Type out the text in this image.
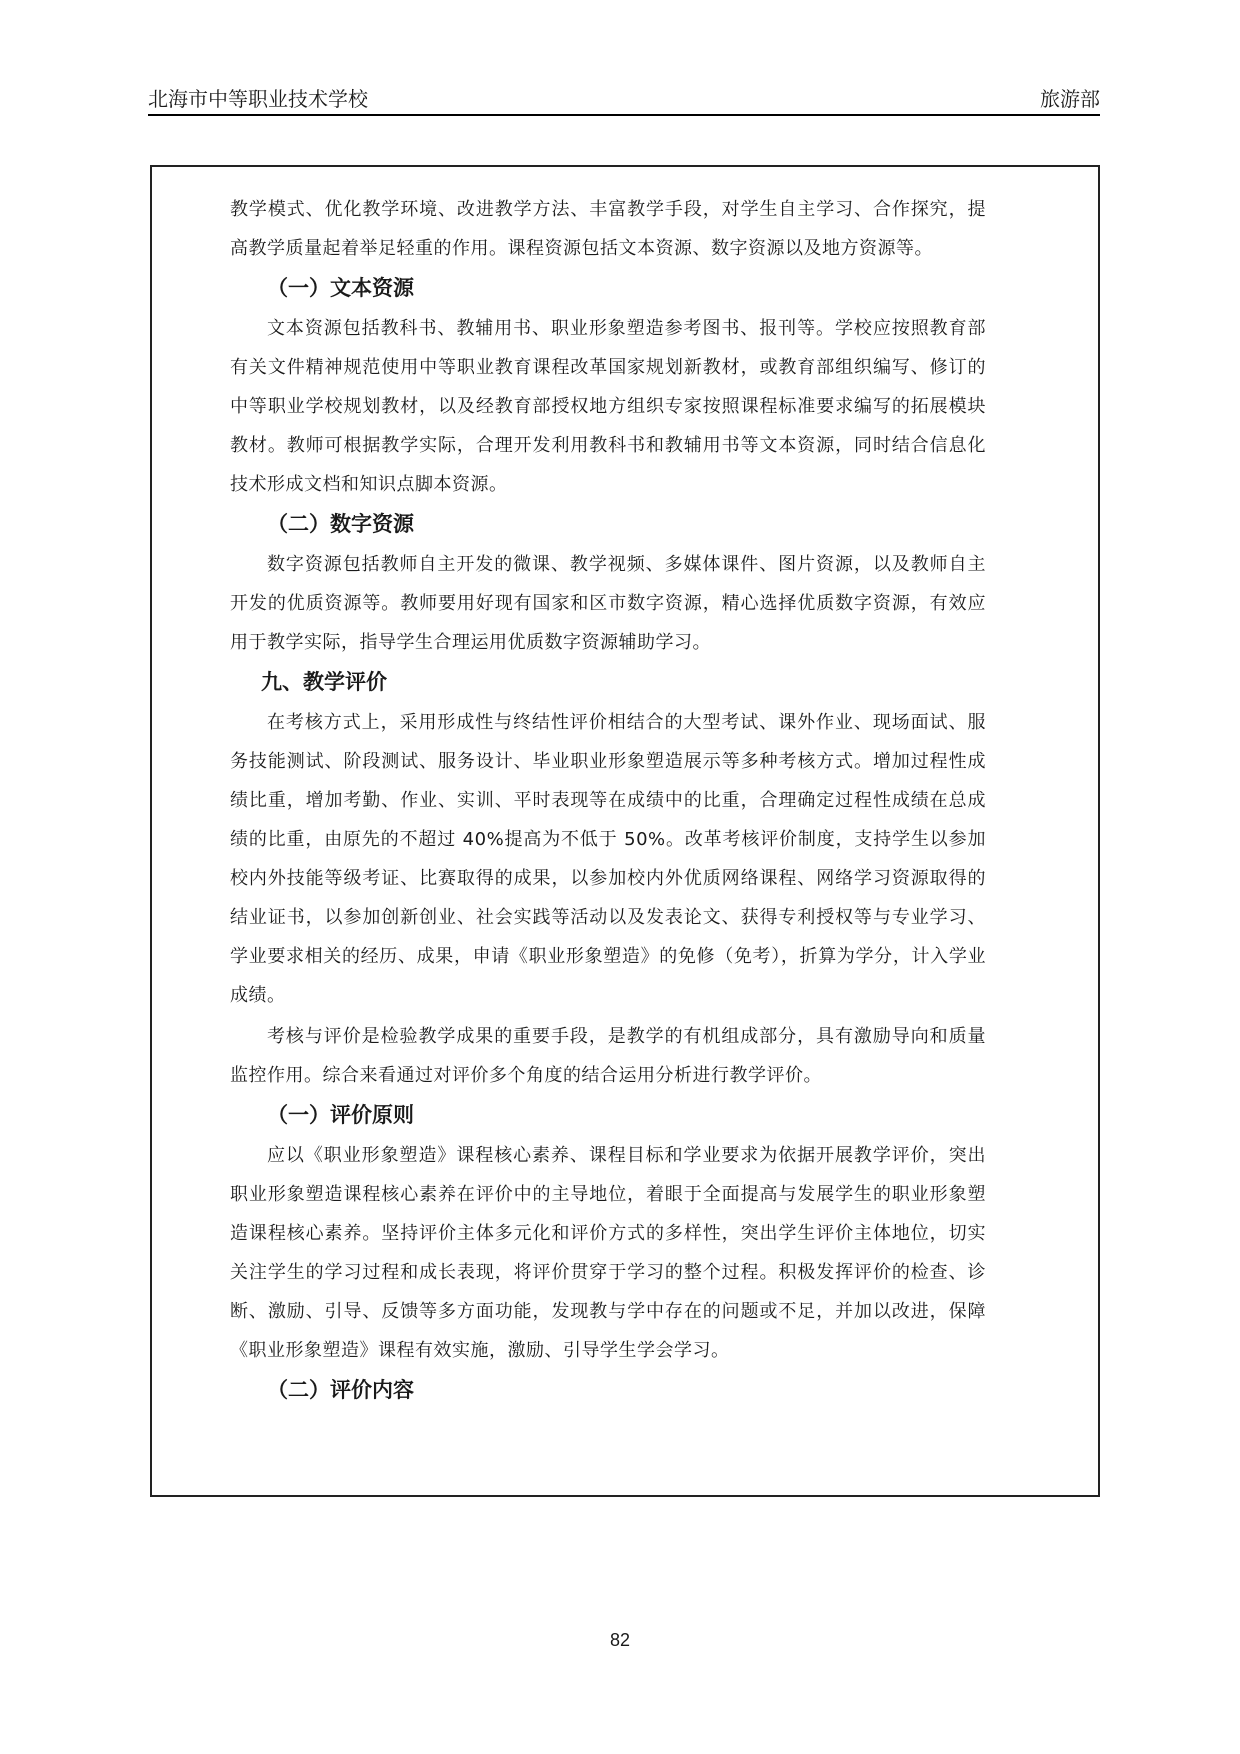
北海市中等职业技术学校	旅游部

教学模式、优化教学环境、改进教学方法、丰富教学手段，对学生自主学习、合作探究，提高教学质量起着举足轻重的作用。课程资源包括文本资源、数字资源以及地方资源等。

（一）文本资源

文本资源包括教科书、教辅用书、职业形象塑造参考图书、报刊等。学校应按照教育部有关文件精神规范使用中等职业教育课程改革国家规划新教材，或教育部组织编写、修订的中等职业学校规划教材，以及经教育部授权地方组织专家按照课程标准要求编写的拓展模块教材。教师可根据教学实际，合理开发利用教科书和教辅用书等文本资源，同时结合信息化技术形成文档和知识点脚本资源。

（二）数字资源

数字资源包括教师自主开发的微课、教学视频、多媒体课件、图片资源，以及教师自主开发的优质资源等。教师要用好现有国家和区市数字资源，精心选择优质数字资源，有效应用于教学实际，指导学生合理运用优质数字资源辅助学习。

九、教学评价

在考核方式上，采用形成性与终结性评价相结合的大型考试、课外作业、现场面试、服务技能测试、阶段测试、服务设计、毕业职业形象塑造展示等多种考核方式。增加过程性成绩比重，增加考勤、作业、实训、平时表现等在成绩中的比重，合理确定过程性成绩在总成绩的比重，由原先的不超过 40%提高为不低于 50%。改革考核评价制度，支持学生以参加校内外技能等级考证、比赛取得的成果，以参加校内外优质网络课程、网络学习资源取得的结业证书，以参加创新创业、社会实践等活动以及发表论文、获得专利授权等与专业学习、学业要求相关的经历、成果，申请《职业形象塑造》的免修（免考），折算为学分，计入学业成绩。

考核与评价是检验教学成果的重要手段，是教学的有机组成部分，具有激励导向和质量监控作用。综合来看通过对评价多个角度的结合运用分析进行教学评价。

（一）评价原则

应以《职业形象塑造》课程核心素养、课程目标和学业要求为依据开展教学评价，突出职业形象塑造课程核心素养在评价中的主导地位，着眼于全面提高与发展学生的职业形象塑造课程核心素养。坚持评价主体多元化和评价方式的多样性，突出学生评价主体地位，切实关注学生的学习过程和成长表现，将评价贯穿于学习的整个过程。积极发挥评价的检查、诊断、激励、引导、反馈等多方面功能，发现教与学中存在的问题或不足，并加以改进，保障《职业形象塑造》课程有效实施，激励、引导学生学会学习。

（二）评价内容
82
